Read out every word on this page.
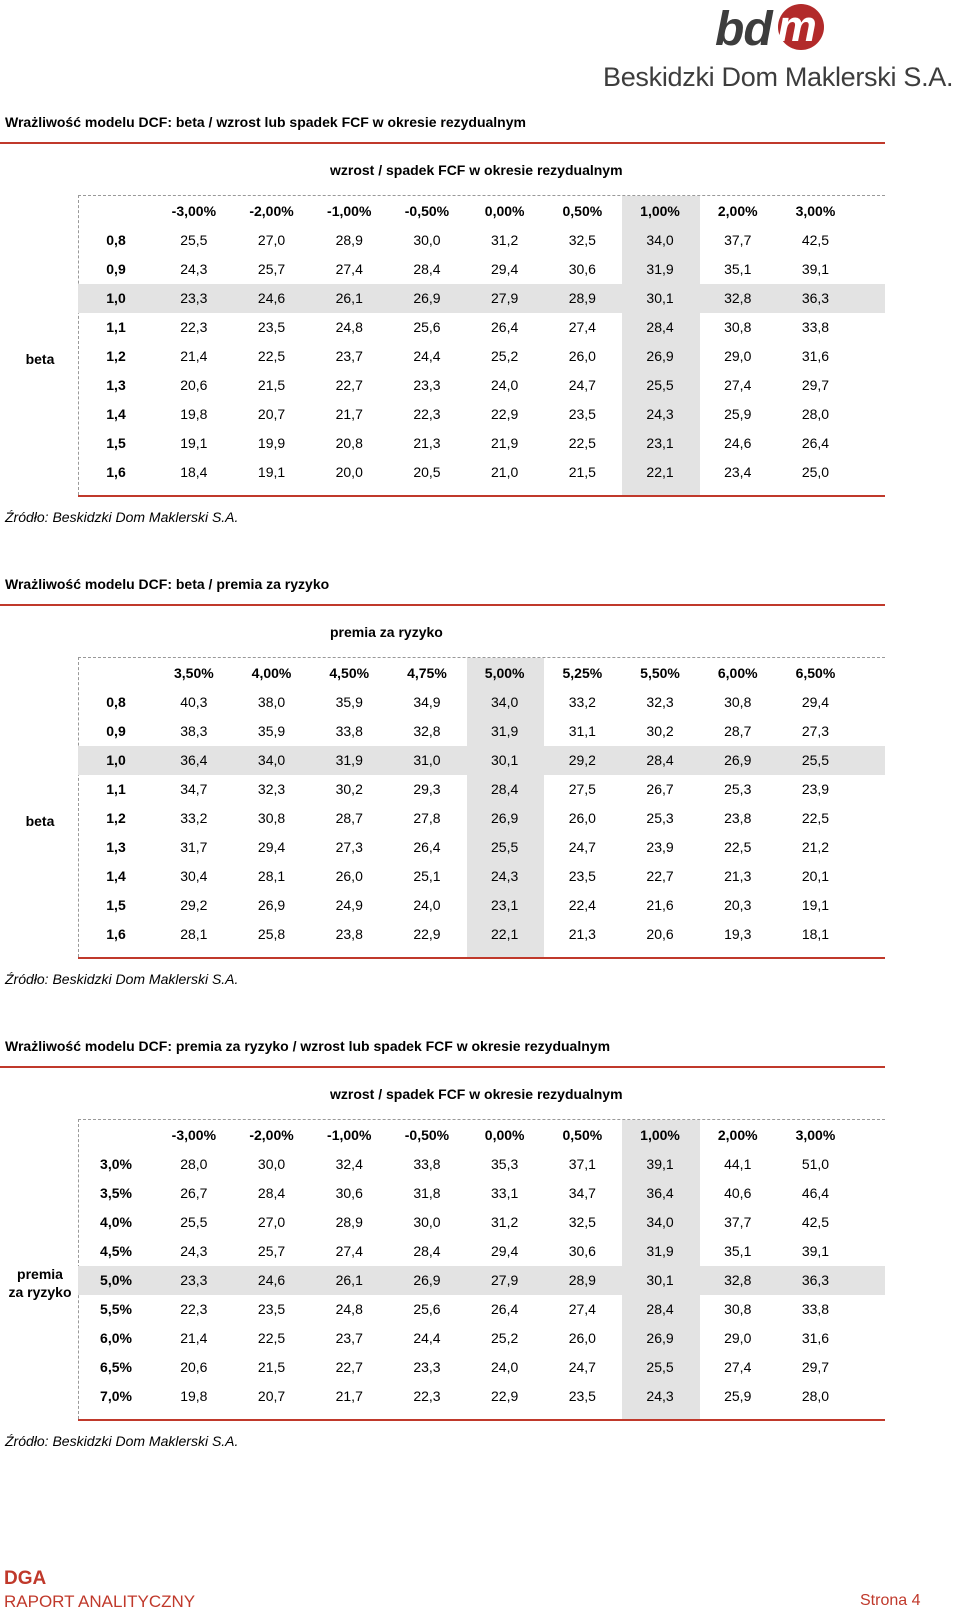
bd m
Beskidzki Dom Maklerski S.A.
Wrażliwość modelu DCF: beta / wzrost lub spadek FCF w okresie rezydualnym
wzrost / spadek FCF w okresie rezydualnym
-3,00%	-2,00%	-1,00%	-0,50%	0,00%	0,50%	1,00%	2,00%	3,00%
0,8	25,5	27,0	28,9	30,0	31,2	32,5	34,0	37,7	42,5
0,9	24,3	25,7	27,4	28,4	29,4	30,6	31,9	35,1	39,1
1,0	23,3	24,6	26,1	26,9	27,9	28,9	30,1	32,8	36,3
1,1	22,3	23,5	24,8	25,6	26,4	27,4	28,4	30,8	33,8
1,2	21,4	22,5	23,7	24,4	25,2	26,0	26,9	29,0	31,6
1,3	20,6	21,5	22,7	23,3	24,0	24,7	25,5	27,4	29,7
1,4	19,8	20,7	21,7	22,3	22,9	23,5	24,3	25,9	28,0
1,5	19,1	19,9	20,8	21,3	21,9	22,5	23,1	24,6	26,4
1,6	18,4	19,1	20,0	20,5	21,0	21,5	22,1	23,4	25,0
beta
Źródło: Beskidzki Dom Maklerski S.A.
Wrażliwość modelu DCF: beta / premia za ryzyko
premia za ryzyko
3,50%	4,00%	4,50%	4,75%	5,00%	5,25%	5,50%	6,00%	6,50%
0,8	40,3	38,0	35,9	34,9	34,0	33,2	32,3	30,8	29,4
0,9	38,3	35,9	33,8	32,8	31,9	31,1	30,2	28,7	27,3
1,0	36,4	34,0	31,9	31,0	30,1	29,2	28,4	26,9	25,5
1,1	34,7	32,3	30,2	29,3	28,4	27,5	26,7	25,3	23,9
1,2	33,2	30,8	28,7	27,8	26,9	26,0	25,3	23,8	22,5
1,3	31,7	29,4	27,3	26,4	25,5	24,7	23,9	22,5	21,2
1,4	30,4	28,1	26,0	25,1	24,3	23,5	22,7	21,3	20,1
1,5	29,2	26,9	24,9	24,0	23,1	22,4	21,6	20,3	19,1
1,6	28,1	25,8	23,8	22,9	22,1	21,3	20,6	19,3	18,1
beta
Źródło: Beskidzki Dom Maklerski S.A.
Wrażliwość modelu DCF: premia za ryzyko / wzrost lub spadek FCF w okresie rezydualnym
wzrost / spadek FCF w okresie rezydualnym
-3,00%	-2,00%	-1,00%	-0,50%	0,00%	0,50%	1,00%	2,00%	3,00%
3,0%	28,0	30,0	32,4	33,8	35,3	37,1	39,1	44,1	51,0
3,5%	26,7	28,4	30,6	31,8	33,1	34,7	36,4	40,6	46,4
4,0%	25,5	27,0	28,9	30,0	31,2	32,5	34,0	37,7	42,5
4,5%	24,3	25,7	27,4	28,4	29,4	30,6	31,9	35,1	39,1
5,0%	23,3	24,6	26,1	26,9	27,9	28,9	30,1	32,8	36,3
5,5%	22,3	23,5	24,8	25,6	26,4	27,4	28,4	30,8	33,8
6,0%	21,4	22,5	23,7	24,4	25,2	26,0	26,9	29,0	31,6
6,5%	20,6	21,5	22,7	23,3	24,0	24,7	25,5	27,4	29,7
7,0%	19,8	20,7	21,7	22,3	22,9	23,5	24,3	25,9	28,0
premia
za ryzyko
Źródło: Beskidzki Dom Maklerski S.A.
DGA
RAPORT ANALITYCZNY	Strona 4
